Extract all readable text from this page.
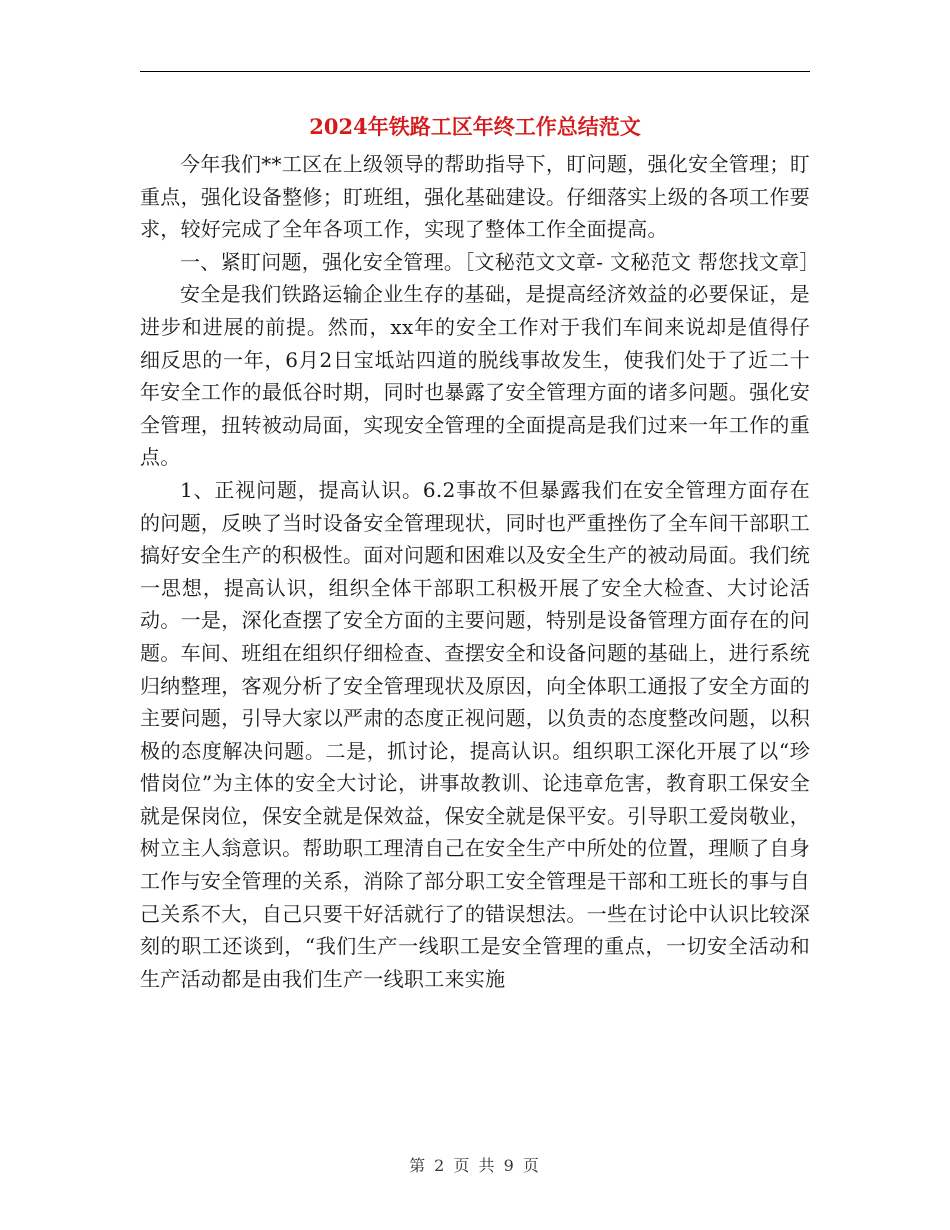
2024年铁路工区年终工作总结范文

今年我们**工区在上级领导的帮助指导下，盯问题，强化安全管理；盯重点，强化设备整修；盯班组，强化基础建设。仔细落实上级的各项工作要求，较好完成了全年各项工作，实现了整体工作全面提高。

一、紧盯问题，强化安全管理。［文秘范文文章- 文秘范文 帮您找文章］

安全是我们铁路运输企业生存的基础，是提高经济效益的必要保证，是进步和进展的前提。然而，xx年的安全工作对于我们车间来说却是值得仔细反思的一年，6月2日宝坻站四道的脱线事故发生，使我们处于了近二十年安全工作的最低谷时期，同时也暴露了安全管理方面的诸多问题。强化安全管理，扭转被动局面，实现安全管理的全面提高是我们过来一年工作的重点。

1、正视问题，提高认识。6.2事故不但暴露我们在安全管理方面存在的问题，反映了当时设备安全管理现状，同时也严重挫伤了全车间干部职工搞好安全生产的积极性。面对问题和困难以及安全生产的被动局面。我们统一思想，提高认识，组织全体干部职工积极开展了安全大检查、大讨论活动。一是，深化查摆了安全方面的主要问题，特别是设备管理方面存在的问题。车间、班组在组织仔细检查、查摆安全和设备问题的基础上，进行系统归纳整理，客观分析了安全管理现状及原因，向全体职工通报了安全方面的主要问题，引导大家以严肃的态度正视问题，以负责的态度整改问题，以积极的态度解决问题。二是，抓讨论，提高认识。组织职工深化开展了以“珍惜岗位”为主体的安全大讨论，讲事故教训、论违章危害，教育职工保安全就是保岗位，保安全就是保效益，保安全就是保平安。引导职工爱岗敬业，树立主人翁意识。帮助职工理清自己在安全生产中所处的位置，理顺了自身工作与安全管理的关系，消除了部分职工安全管理是干部和工班长的事与自己关系不大，自己只要干好活就行了的错误想法。一些在讨论中认识比较深刻的职工还谈到，“我们生产一线职工是安全管理的重点，一切安全活动和生产活动都是由我们生产一线职工来实施

第 2 页 共 9 页
